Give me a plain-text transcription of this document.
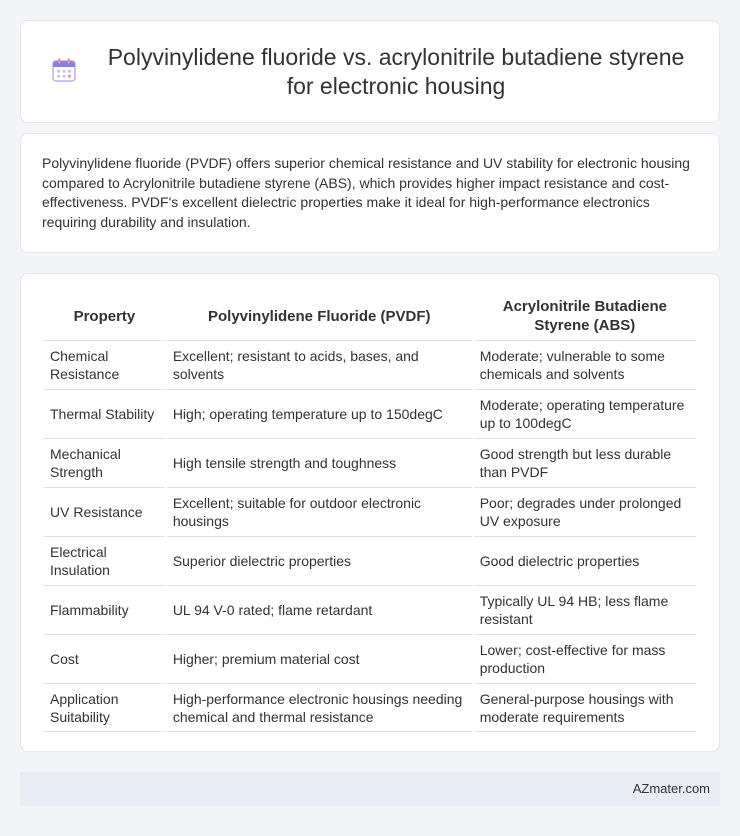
Polyvinylidene fluoride vs. acrylonitrile butadiene styrene for electronic housing

Polyvinylidene fluoride (PVDF) offers superior chemical resistance and UV stability for electronic housing compared to Acrylonitrile butadiene styrene (ABS), which provides higher impact resistance and cost-effectiveness. PVDF's excellent dielectric properties make it ideal for high-performance electronics requiring durability and insulation.

Property	Polyvinylidene Fluoride (PVDF)	Acrylonitrile Butadiene Styrene (ABS)
Chemical Resistance	Excellent; resistant to acids, bases, and solvents	Moderate; vulnerable to some chemicals and solvents
Thermal Stability	High; operating temperature up to 150degC	Moderate; operating temperature up to 100degC
Mechanical Strength	High tensile strength and toughness	Good strength but less durable than PVDF
UV Resistance	Excellent; suitable for outdoor electronic housings	Poor; degrades under prolonged UV exposure
Electrical Insulation	Superior dielectric properties	Good dielectric properties
Flammability	UL 94 V-0 rated; flame retardant	Typically UL 94 HB; less flame resistant
Cost	Higher; premium material cost	Lower; cost-effective for mass production
Application Suitability	High-performance electronic housings needing chemical and thermal resistance	General-purpose housings with moderate requirements
AZmater.com
